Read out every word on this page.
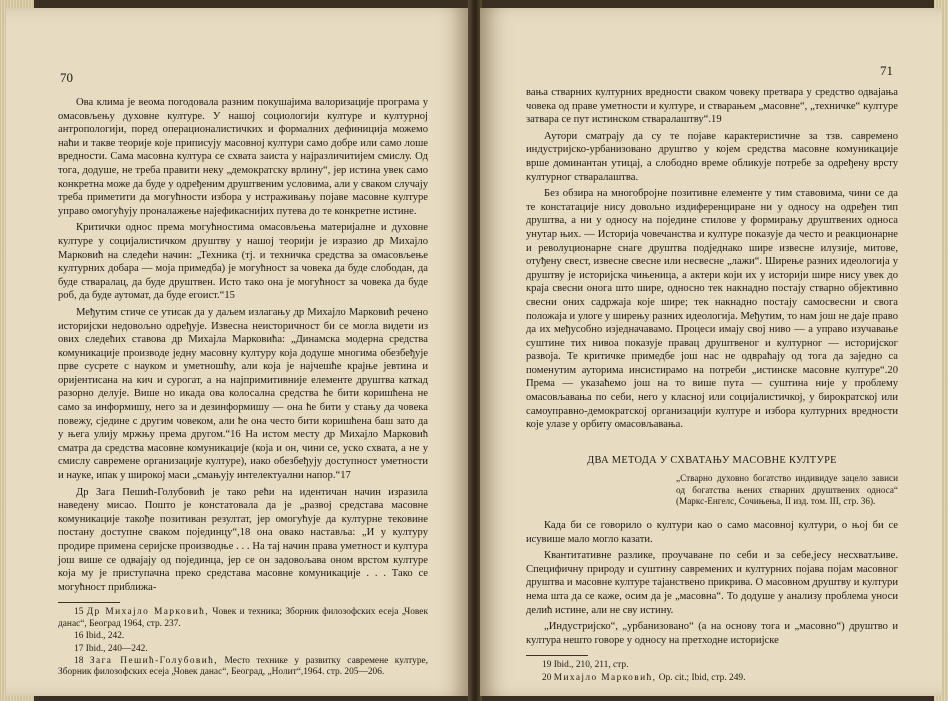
70

Ова клима је веома погодовала разним покушајима валоризације програма у омасовљењу духовне културе. У нашој социологији културе и културној антропологији, поред операционалистичких и формалних дефиниција можемо наћи и такве теорије које приписују масовној култури само добре или само лоше вредности. Сама масовна култура се схвата заиста у најразличитијем смислу. Од тога, додуше, не треба правити неку „демократску врлину“, јер истина увек само конкретна може да буде у одређеним друштвеним условима, али у сваком случају треба приметити да могућности избора у истраживању појаве масовне културе управо омогућују проналажење најефикаснијих путева до те конкретне истине.

Критички однос према могућностима омасовљења материјалне и духовне културе у социјалистичком друштву у нашој теорији је изразио др Михајло Марковић на следећи начин: „Техника (тј. и техничка средства за омасовљење културних добара — моја примедба) је могућност за човека да буде слободан, да буде стваралац, да буде друштвен. Исто тако она је могућност за човека да буде роб, да буде аутомат, да буде егоист.“15

Међутим стиче се утисак да у даљем излагању др Михајло Марковић речено историјски недовољно одређује. Извесна неисторичност би се могла видети из ових следећих ставова др Михајла Марковића: „Динамска модерна средства комуникације производе једну масовну културу која додуше многима обезбеђује прве сусрете с науком и уметношћу, али која је најчешће крајње јевтина и оријентисана на кич и сурогат, а на најпримитивније елементе друштва каткад разорно делује. Више но икада ова колосална средства ће бити коришћена не само за информишу, него за и дезинформишу — она ће бити у стању да човека повежу, сједине с другим човеком, али ће она често бити коришћена баш зато да у њега улију мржњу према другом.“16 На истом месту др Михајло Марковић сматра да средства масовне комуникације (која и он, чини се, ускo схвата, а не у смислу савремене организације културе), иако обезбеђују доступност уметности и науке, ипак у широкој маси „смањују интелектуални напор.“17

Др Зага Пешић-Голубовић је тако рећи на идентичан начин изразила наведену мисао. Пошто је констатовала да је „развој средстава масовне комуникације такође позитиван резултат, јер омогућује да културне тековине постану доступне сваком појединцу“,18 она овако наставља: „И у културу продире примена серијске производње . . . На тај начин права уметност и култура још више се одвајају од појединца, јер се он задовољава оном врстом културе која му је приступачна преко средстава масовне комуникације . . . Тако се могућност приближа-

15 Др Михајло Марковић, Човек и техника; Зборник филозофских есеја „Човек данас“, Београд 1964, стр. 237.
16 Ibid., 242.
17 Ibid., 240—242.
18 Зага Пешић-Голубовић, Место технике у развитку савремене културе, Зборник филозофских есеја „Човек данас“, Београд, „Нолит“,1964. стр. 205—206.
71

вања стварних културних вредности сваком човеку претвара у средство одвајања човека од праве уметности и културе, и стварањем „масовне“, „техничке“ културе затвара се пут истинском стваралаштву“.19

Аутори сматрају да су те појаве карактеристичне за тзв. савремено индустријско-урбанизовано друштво у којем средства масовне комуникације врше доминантан утицај, а слободно време обликује потребе за одређену врсту културног стваралаштва.

Без обзира на многобројне позитивне елементе у тим ставовима, чини се да те констатације нису довољно издиференциране ни у односу на одређен тип друштва, а ни у односу на поједине стилове у формирању друштвених односа унутар њих. — Историја човечанства и културе показује да често и реакционарне и револуционарне снаге друштва подједнако шире извесне илузије, митове, отуђену свест, извесне свесне или несвесне „лажи“. Ширење разних идеологија у друштву је историјска чињеница, а актери који их у историји шире нису увек до краја свесни онога што шире, односно тек накнадно постају стварно објективно свесни оних садржаја које шире; тек накнадно постају самосвесни и свога положаја и улоге у ширењу разних идеологија. Међутим, то нам још не даје право да их међусобно изједначавамо. Процеси имају свој ниво — а управо изучавање суштине тих нивоа показује правац друштвеног и културног — историјског развоја. Те критичке примедбе још нас не одвраћају од тога да заједно са поменутим ауторима инсистирамо на потреби „истинске масовне културе“.20 Према — указаћемо још на то више пута — суштина није у проблему омасовљавања по себи, него у класној или социјалистичкој, у бирократској или самоуправно-демократској организацији културе и избора културних вредности које улазе у орбиту омасовљавања.

ДВА МЕТОДА У СХВАТАЊУ МАСОВНЕ КУЛТУРЕ
„Стварно духовно богатство индивидуе зацело зависи од богатства њених стварних друштвених односа“ (Маркс-Енгелс, Сочињења, II изд. том. III, стр. 36).

Када би се говорило о култури као о само масовној култури, о њој би се исувише мало могло казати.

Квантитативне разлике, проучаване по себи и за себе,јесу несхватљиве. Специфичну природу и суштину савремених и културних појава појам масовног друштва и масовне културе тајанствено прикрива. О масовном друштву и култури нема шта да се каже, осим да је „масовна“. То додуше у анализу проблема уноси делић истине, али не сву истину.

„Индустријско“, „урбанизовано“ (а на основу тога и „масовно“) друштво и култура нешто говоре у односу на претходне историјске

19 Ibid., 210, 211, стр.
20 Михајло Марковић, Op. cit.; Ibid, стр. 249.
